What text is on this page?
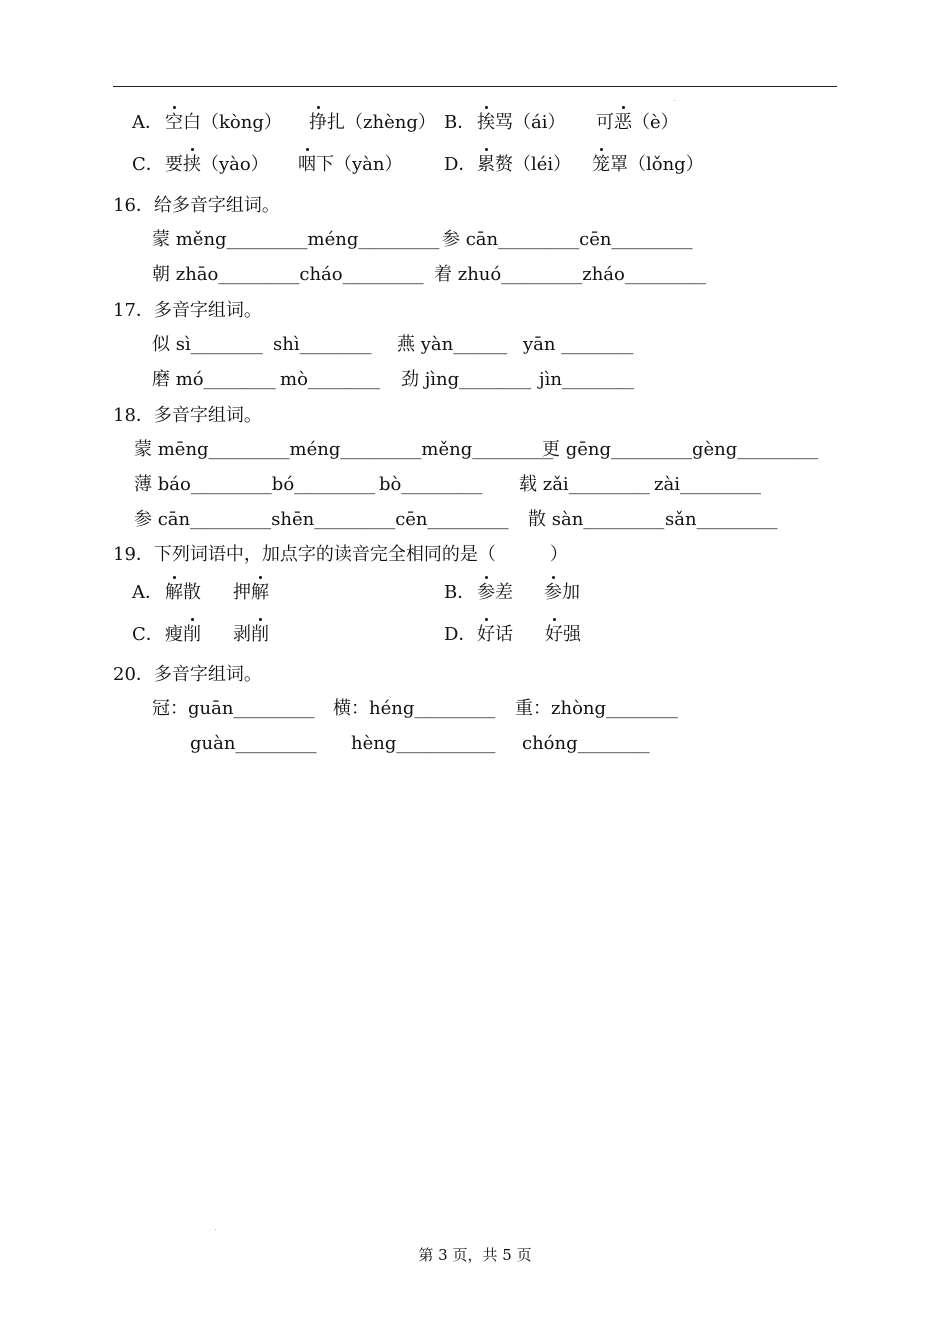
A．

空白（kòng）

挣扎（zhèng）

B．

挨骂（ái）

可恶（è）

C．

要挟（yào）

咽下（yàn）

D．

累赘（léi）

笼罩（lǒng）

16．给多音字组词。

蒙 měng_________méng_________

参 cān_________cēn_________

朝 zhāo_________cháo_________

着 zhuó_________zháo_________

17．多音字组词。

似 sì________

shì________

燕 yàn______

yān ________

磨 mó________

mò________

劲 jìng________

jìn________

18．多音字组词。

蒙 mēng_________méng_________měng_________

更 gēng_________gèng_________

薄 báo_________bó_________

bò_________

载 zǎi_________

zài_________

参 cān_________shēn_________cēn_________

散 sàn_________

sǎn_________

19．下列词语中，加点字的读音完全相同的是（　　　）

A．

解散

押解

	B．

参差

参加

C．

瘦削

剥削

	D．

好话

好强

20．多音字组词。

冠：guān_________

横：héng_________

重：zhòng________

guàn_________

hèng___________

chóng________

第 3 页，共 5 页
